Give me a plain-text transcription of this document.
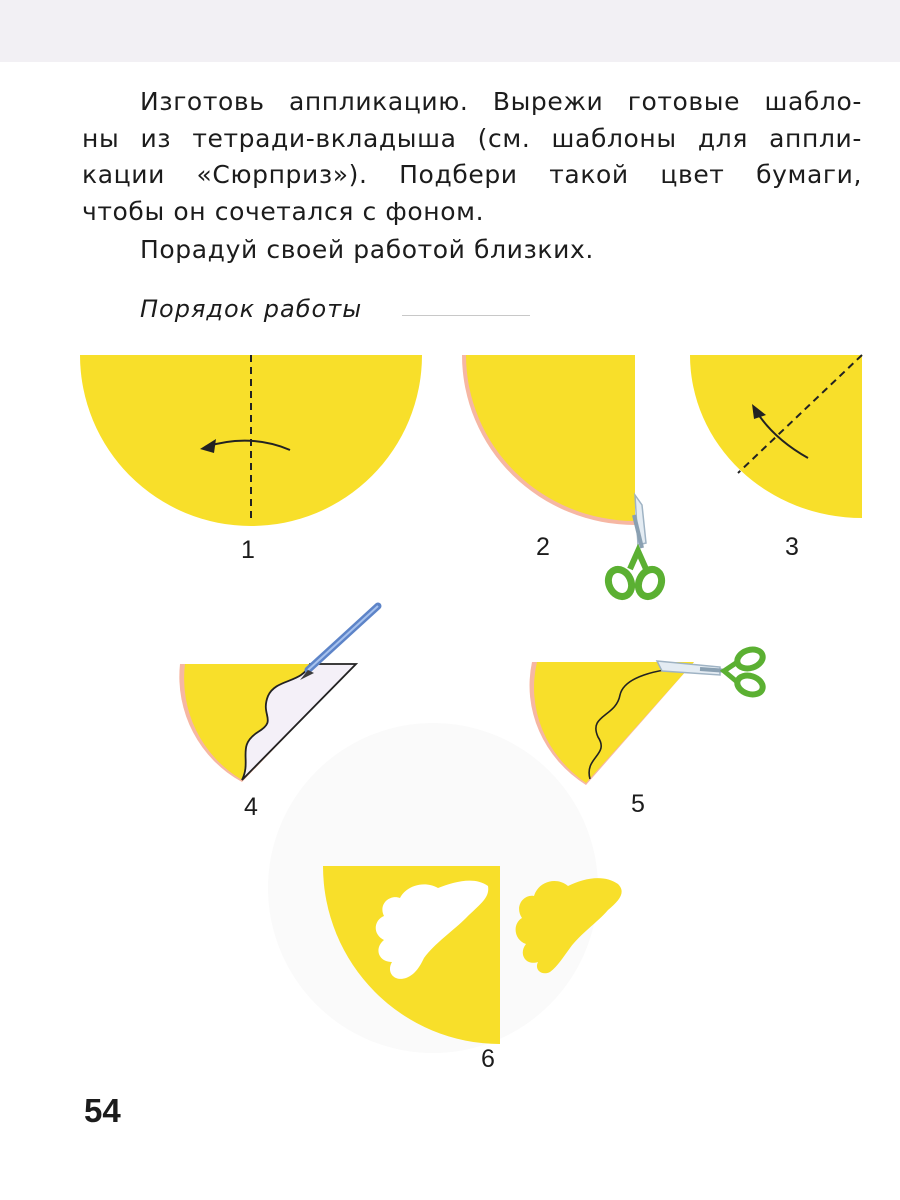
Изготовь аппликацию. Вырежи готовые шабло-
ны из тетради-вкладыша (см. шаблоны для аппли-
кации «Сюрприз»). Подбери такой цвет бумаги,
чтобы он сочетался с фоном.

Порадуй своей работой близких.

Порядок работы
1	2	3
4	5
6
54
